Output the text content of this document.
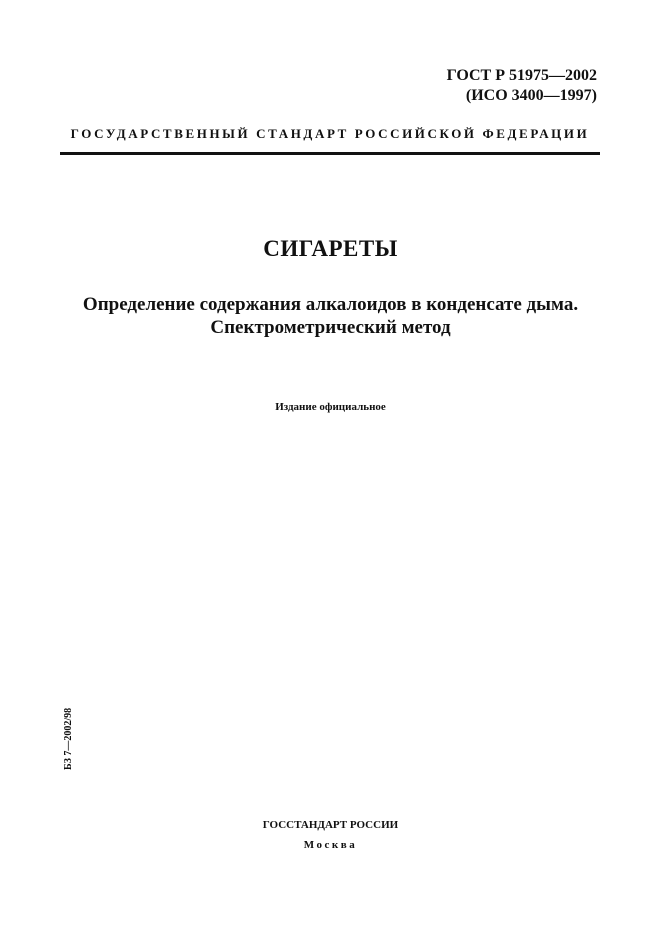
ГОСТ Р 51975—2002
(ИСО 3400—1997)
ГОСУДАРСТВЕННЫЙ СТАНДАРТ РОССИЙСКОЙ ФЕДЕРАЦИИ
СИГАРЕТЫ
Определение содержания алкалоидов в конденсате дыма.
Спектрометрический метод
Издание официальное
БЗ 7—2002/98
ГОССТАНДАРТ РОССИИ
Москва
